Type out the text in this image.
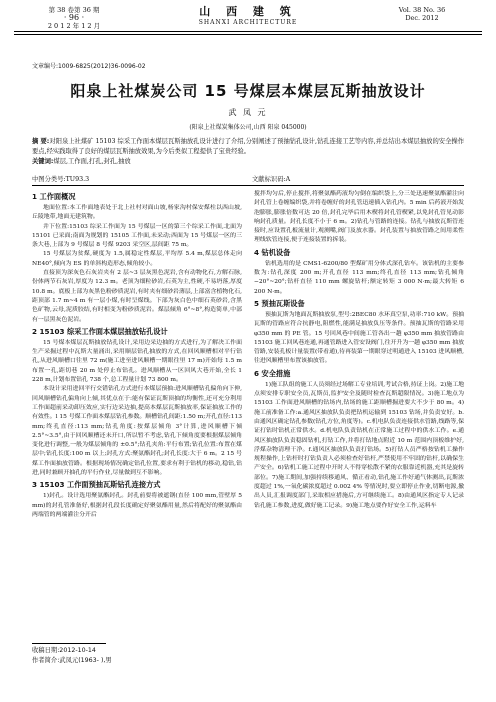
第 38 卷第 36 期
· 96 ·
2 0 1 2 年 1 2 月
山 西 建 筑
SHANXI ARCHITECTURE
Vol. 38 No. 36
Dec. 2012
文章编号:1009-6825(2012)36-0096-02
阳泉上社煤炭公司 15 号煤层本煤层瓦斯抽放设计
武 凤 元
(阳泉上社煤炭集体公司,山西 阳泉 045000)
摘 要:对阳泉上社煤矿 15103 综采工作面本煤层瓦斯抽放孔设计进行了介绍,分别阐述了预抽钻孔设计,钻孔连接工艺等内容,并总结出本煤层抽放的安全操作要点,经实践取得了良好的煤层瓦斯抽放效果,为今后类似工程提供了宝贵经验。
关键词:煤层,工作面,打孔,封孔,抽放
中图分类号:TU93.3	文献标识码:A
1 工作面概况
地面位置:本工作面地表处于北上社村对面山坡,杨家沟村保安煤柱以西山坡,丘陵地带,地面无建筑物。
井下位置:15103 综采工作面为 15 号煤层一区的第三个综采工作面,北面为 15101 已采面;南面为规划的 15105 工作面,未采动;西面为 15 号煤层一区的三条大巷,上部为 9 号煤层 8 号煤 9203 采空区,层间距 75 m。
15 号煤层为贫煤,硬度为 1.5,属稳定性煤层,平均厚 5.4 m,煤层总体走向 NE40°,倾向为 ES 的单斜构造形态,倾角较小。
直接顶为深灰色石灰岩夹有 2 层~3 层灰黑色泥岩,含有动物化石,方解石脉,份体两节石灰岩,厚度为 12.3 m。老顶为细粒砂岩,石英为主,性硬,不易坍落,厚度 10.8 m。底板上部为灰黑色粉砂质泥岩,有时夹有细砂岩薄层,上部富含植物化石,距顶部 1.7 m~4 m 有一层小煤,有时呈煤线。下部为灰白色中细石英砂岩,含黑色矿物,云母,泥质胶结,有时相变为粉砂质泥岩。煤层倾角 6°~8°,构造简单,中部有一层黑灰色泥岩。
2 15103 综采工作面本煤层抽放钻孔设计
15 号煤本煤层瓦斯抽放钻孔设计,采用边采边抽的方式进行,为了解决工作面生产采掘过程中瓦斯大量涌出,采用顺层钻孔抽放的方式,在回风顺槽相对平行钻孔,从进风顺槽口往里 72 m(施工进至进风顺槽一期眼往里 17 m)开始每 1.5 m 布置一孔,距切巷 20 m 处停止布钻孔。进风顺槽从一区回风大巷开始,全长 1 228 m,计划布置钻孔 738 个,总工程量计划 73 800 m。
本设计采用进回平行交错钻孔方式进行本煤层预抽:进风顺槽钻孔偏角向下伸,回风顺槽钻孔偏角向上倾,其优点在于:能有保证瓦斯顶抽的均衡性,还可充分利用工作面超前采动卸压效应,实行边采边抽,提高本煤层瓦斯抽放率,保证抽放工作的有效性。l 15 号煤工作面本煤层钻孔参数。顺槽钻孔间距:1.50 m;开孔直径:113 mm;终孔直径:113 mm;钻孔角度:按煤层倾角 3°计算,进风顺槽下倾 2.5°~3.5°,由于回风顺槽还未开口,所以暂不考虑,钻孔下倾角度要根据煤层倾角变化进行调整,一般为煤层倾角的 ±0.5°;钻孔夹角:平行布置;钻孔位置:布置在煤层中;钻孔长度:100 m 以上;封孔方式:聚氨酯封孔;封孔长度:大于 6 m。2 15 号煤工作面抽放管路。根据现场情况确定钻孔位置,要求有利于钻机的移动,稳钻,钻进,同时兼顾开抽孔的平行作业,尽量做到互不影响。
3 15103 工作面预抽瓦斯钻孔连接方式
1)封孔。设计选用聚氨酯封孔。封孔前要将被遮钢(直径 100 mm,管壁厚 5 mm)的封孔管准备好,根据封孔段长度确定好聚氨酯用量,然后将配好的聚氨酯由两端管的两端灌注分开后
搅拌均匀后,停止搅拌,将聚氨酯药液均匀倒在编织袋上,分三处迅速聚氨酯灌注向封孔管上卷缠编织袋,并将卷缠好的封孔管迅速插入钻孔内。5 min 后药液开始发泡膨胀,膨胀倍数可达 20 倍,封孔完毕后用木楔将封孔管楔紧,以免封孔管见动影响封孔质量。封孔长度不小于 6 m。2)钻孔与管路的连接。钻孔与抽放瓦斯管连接时,应设置孔板流量计,观测嘴,阀门及放水器。封孔装置与抽放管路之间用柔性理线软管连接,便于连接装置的拆装。
4 钻机设备
钻机选用的是 CMS1-6200/80 型煤矿用分体式深孔钻车。该钻机的主要参数为:钻孔深度 200 m;开孔直径 113 mm;终孔直径 113 mm;钻孔倾角 −20°~20°;钻杆直径 110 mm 螺旋钻杆;额定转矩 3 000 N·m;最大转矩 6 200 N·m。
5 预抽瓦斯设备
预抽瓦斯为地面瓦斯抽放泵,型号:2BEC80 水环真空泵,功率:710 kW。预抽瓦斯的管路应符合抗静电,阻燃性,能满足抽放负压等条件。预抽瓦斯的管路采用 φ350 mm 的 PE 管。15 号回风巷中间施工管各出一趟 φ350 mm 抽放管路由 15103 施工回风巷连通,再通管路进入管安设阀门,往开升为一趟 φ350 mm 抽放管路,安装孔板计量装置(带看通),待再装第一期眼穿过明通进入 15103 进风顺槽,往进风顺槽里布置该抽放管。
6 安全措施
1)施工队组的施工人员须经过场解工专业培训,考试合格,持证上岗。2)施工地点须安排专职安全员,瓦斯员,监护安全及随时检查瓦斯超限情况。3)施工地点为 15103 工作面进风顺槽的钻场内,钻场的施工距顺槽掘进要大不少于 80 m。4)施工前准备工作:a.通风区抽放队负责把钻机运输到 15103 钻场,并负责安好。b.由通风区确定钻孔参数(钻孔方位,角度等)。c.机电队负责连接供水管路,线路等,保证打钻时钻机正常供水。d.机电队负责钻机在正常施工过程中的供水工作。e.通风区抽放队负责稳固钻机,打钻工作,并将打钻地点附近 10 m 范围内顶板维护好,浮煤杂物清理干净。f.通风区抽放队负责打钻场。5)打钻人员严格按钻机工操作规程操作,上钻杆时打钻负责人必须检查好钻杆,严禁使用不牢固的钻杆,以确保生产安全。6)钻机工施工过程中开时人不得穿松散不紧的衣服靠近机器,充其是旋转部位。7)施工期间,加强持续移通风、循正看动,钻孔施工作好通气体测出,瓦斯浓度超过 1%,一氧化碳浓度超过 0.002 4% 等情况时,要立即停止作业,切断电源,撤出人员,汇报调度部门,采取相应措施后,方可继续施工。8)由通风区指定专人记录钻孔施工参数,进度,做好施工记录。9)施工地点要作好安全工作,运料车
收稿日期:2012-10-14
作者简介:武凤元(1963- ),男
